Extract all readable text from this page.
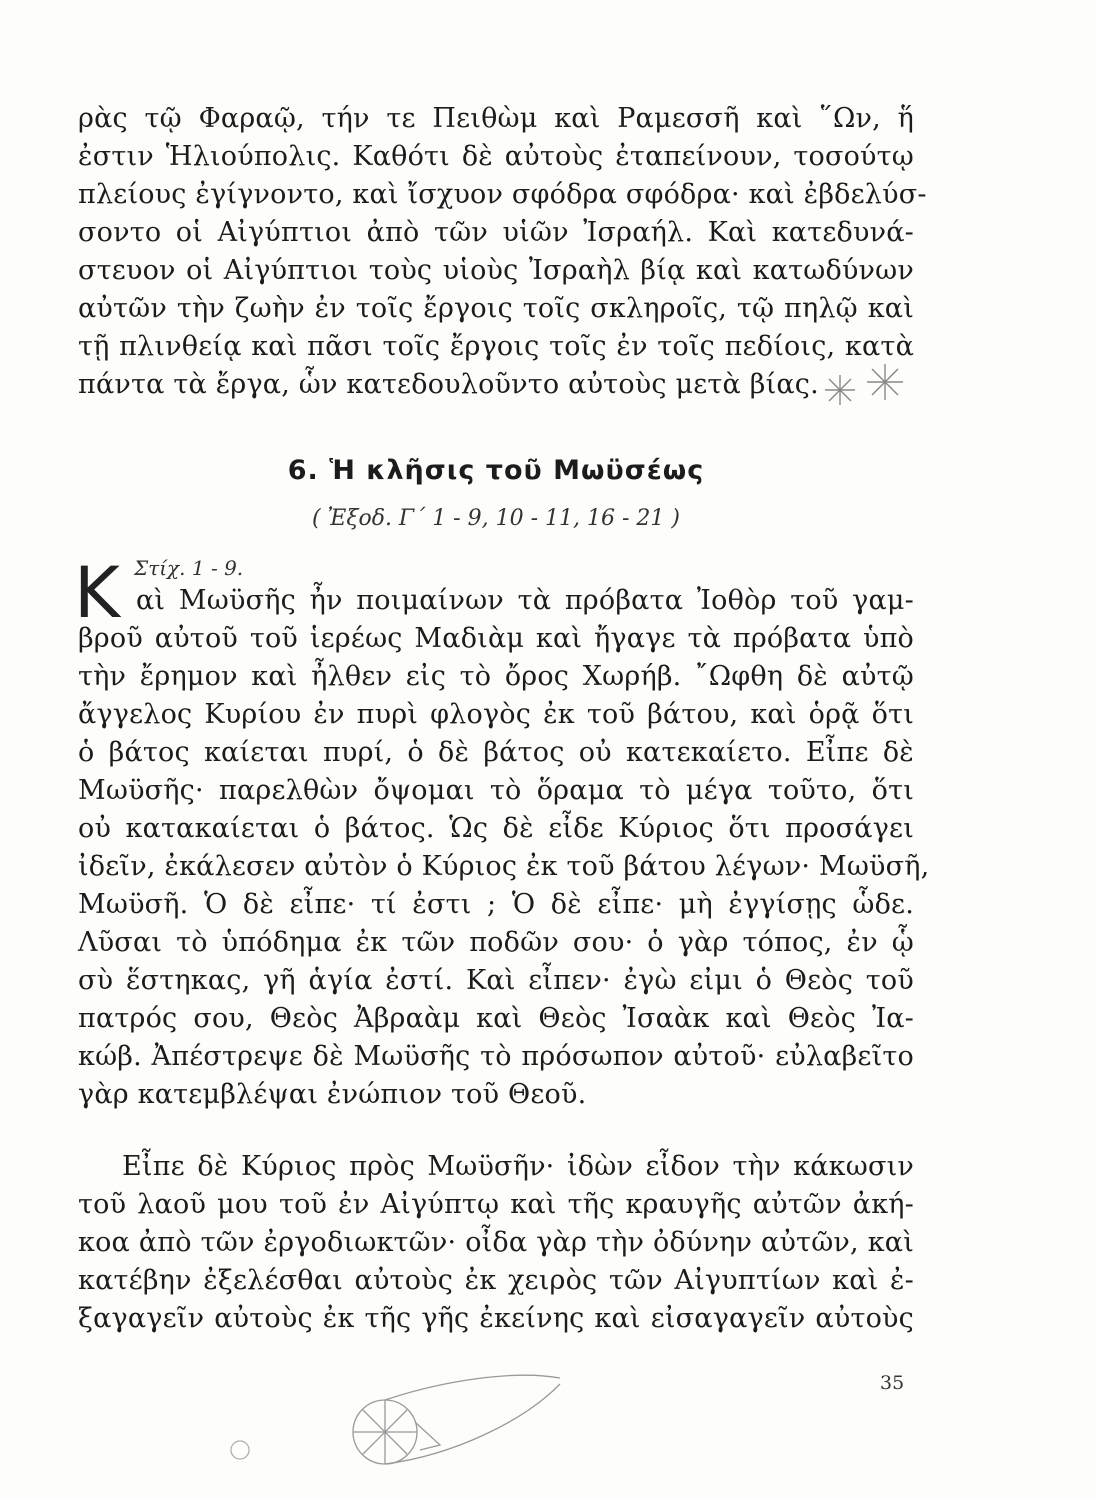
ρὰς τῷ Φαραῷ, τήν τε Πειθὼμ καὶ Ραμεσσῆ καὶ ῞Ων, ἥ
ἐστιν Ἡλιούπολις. Καθότι δὲ αὐτοὺς ἐταπείνουν, τοσούτῳ
πλείους ἐγίγνοντο, καὶ ἴσχυον σφόδρα σφόδρα· καὶ ἐβδελύσ-
σοντο οἱ Αἰγύπτιοι ἀπὸ τῶν υἱῶν Ἰσραήλ. Καὶ κατεδυνά-
στευον οἱ Αἰγύπτιοι τοὺς υἱοὺς Ἰσραὴλ βίᾳ καὶ κατωδύνων
αὐτῶν τὴν ζωὴν ἐν τοῖς ἔργοις τοῖς σκληροῖς, τῷ πηλῷ καὶ
τῇ πλινθείᾳ καὶ πᾶσι τοῖς ἔργοις τοῖς ἐν τοῖς πεδίοις, κατὰ
πάντα τὰ ἔργα, ὧν κατεδουλοῦντο αὐτοὺς μετὰ βίας.
6. Ἡ κλῆσις τοῦ Μωϋσέως
( Ἐξοδ. Γ΄ 1 - 9, 10 - 11, 16 - 21 )
Κ Στίχ. 1 - 9.
αὶ Μωϋσῆς ἦν ποιμαίνων τὰ πρόβατα Ἰοθὸρ τοῦ γαμ-
βροῦ αὐτοῦ τοῦ ἱερέως Μαδιὰμ καὶ ἤγαγε τὰ πρόβατα ὑπὸ
τὴν ἔρημον καὶ ἦλθεν εἰς τὸ ὄρος Χωρήβ. ῎Ωφθη δὲ αὐτῷ
ἄγγελος Κυρίου ἐν πυρὶ φλογὸς ἐκ τοῦ βάτου, καὶ ὁρᾷ ὅτι
ὁ βάτος καίεται πυρί, ὁ δὲ βάτος οὐ κατεκαίετο. Εἶπε δὲ
Μωϋσῆς· παρελθὼν ὄψομαι τὸ ὅραμα τὸ μέγα τοῦτο, ὅτι
οὐ κατακαίεται ὁ βάτος. Ὡς δὲ εἶδε Κύριος ὅτι προσάγει
ἰδεῖν, ἐκάλεσεν αὐτὸν ὁ Κύριος ἐκ τοῦ βάτου λέγων· Μωϋσῆ,
Μωϋσῆ. Ὁ δὲ εἶπε· τί ἐστι ; Ὁ δὲ εἶπε· μὴ ἐγγίσῃς ὧδε.
Λῦσαι τὸ ὑπόδημα ἐκ τῶν ποδῶν σου· ὁ γὰρ τόπος, ἐν ᾧ
σὺ ἕστηκας, γῆ ἁγία ἐστί. Καὶ εἶπεν· ἐγὼ εἰμι ὁ Θεὸς τοῦ
πατρός σου, Θεὸς Ἀβραὰμ καὶ Θεὸς Ἰσαὰκ καὶ Θεὸς Ἰα-
κώβ. Ἀπέστρεψε δὲ Μωϋσῆς τὸ πρόσωπον αὐτοῦ· εὐλαβεῖτο
γὰρ κατεμβλέψαι ἐνώπιον τοῦ Θεοῦ.
Εἶπε δὲ Κύριος πρὸς Μωϋσῆν· ἰδὼν εἶδον τὴν κάκωσιν
τοῦ λαοῦ μου τοῦ ἐν Αἰγύπτῳ καὶ τῆς κραυγῆς αὐτῶν ἀκή-
κοα ἀπὸ τῶν ἐργοδιωκτῶν· οἶδα γὰρ τὴν ὀδύνην αὐτῶν, καὶ
κατέβην ἐξελέσθαι αὐτοὺς ἐκ χειρὸς τῶν Αἰγυπτίων καὶ ἐ-
ξαγαγεῖν αὐτοὺς ἐκ τῆς γῆς ἐκείνης καὶ εἰσαγαγεῖν αὐτοὺς
35
